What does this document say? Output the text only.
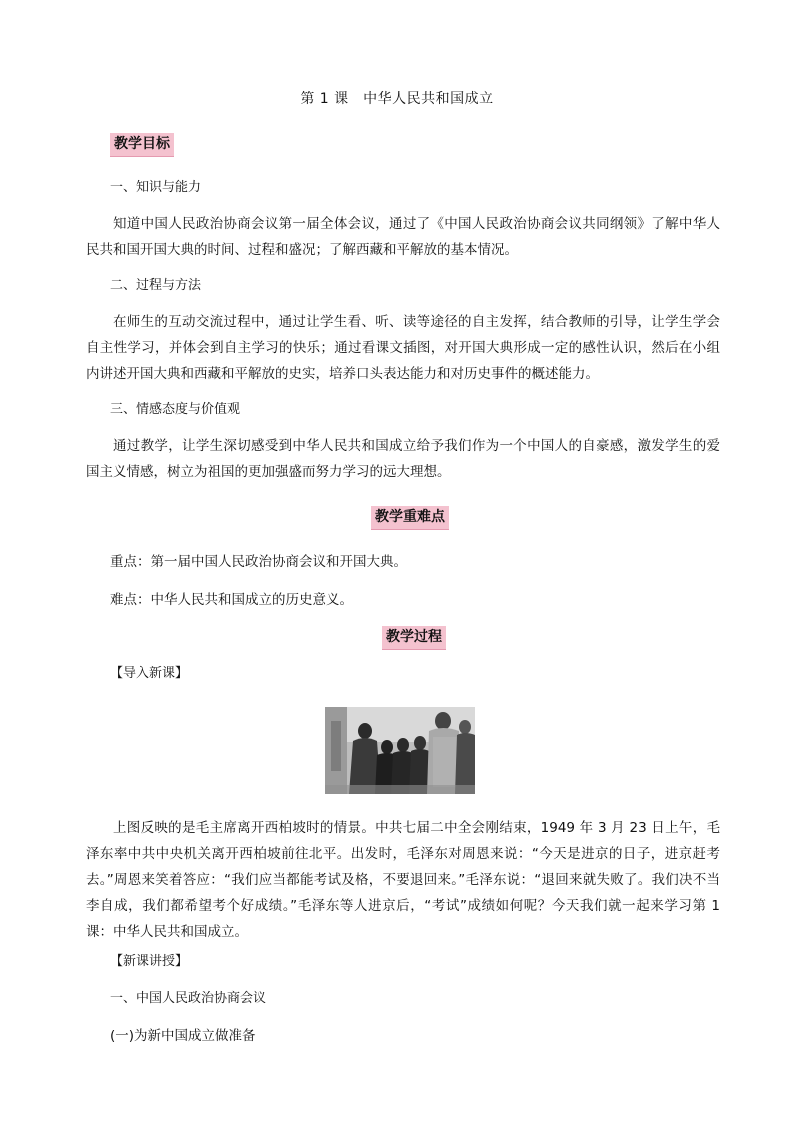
第 1 课　中华人民共和国成立
教学目标
一、知识与能力
知道中国人民政治协商会议第一届全体会议，通过了《中国人民政治协商会议共同纲领》了解中华人民共和国开国大典的时间、过程和盛况；了解西藏和平解放的基本情况。
二、过程与方法
在师生的互动交流过程中，通过让学生看、听、读等途径的自主发挥，结合教师的引导，让学生学会自主性学习，并体会到自主学习的快乐；通过看课文插图，对开国大典形成一定的感性认识，然后在小组内讲述开国大典和西藏和平解放的史实，培养口头表达能力和对历史事件的概述能力。
三、情感态度与价值观
通过教学，让学生深切感受到中华人民共和国成立给予我们作为一个中国人的自豪感，激发学生的爱国主义情感，树立为祖国的更加强盛而努力学习的远大理想。
教学重难点
重点：第一届中国人民政治协商会议和开国大典。
难点：中华人民共和国成立的历史意义。
教学过程
【导入新课】
上图反映的是毛主席离开西柏坡时的情景。中共七届二中全会刚结束，1949 年 3 月 23 日上午，毛泽东率中共中央机关离开西柏坡前往北平。出发时，毛泽东对周恩来说：“今天是进京的日子，进京赶考去。”周恩来笑着答应：“我们应当都能考试及格，不要退回来。”毛泽东说：“退回来就失败了。我们决不当李自成，我们都希望考个好成绩。”毛泽东等人进京后，“考试”成绩如何呢？今天我们就一起来学习第 1 课：中华人民共和国成立。
【新课讲授】
一、中国人民政治协商会议
(一)为新中国成立做准备
